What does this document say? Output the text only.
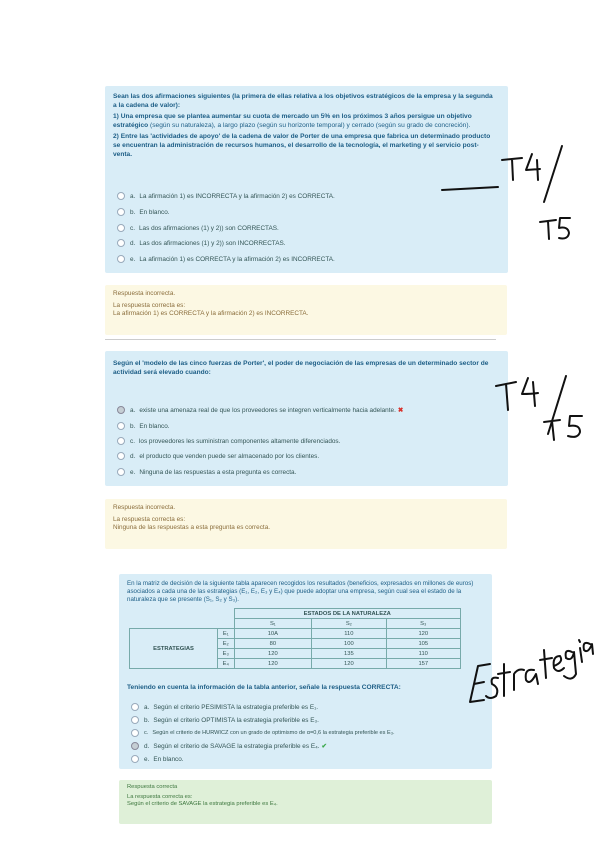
Sean las dos afirmaciones siguientes (la primera de ellas relativa a los objetivos estratégicos de la empresa y la segunda a la cadena de valor):
1) Una empresa que se plantea aumentar su cuota de mercado un 5% en los próximos 3 años persigue un objetivo estratégico (según su naturaleza), a largo plazo (según su horizonte temporal) y cerrado (según su grado de concreción).
2) Entre las 'actividades de apoyo' de la cadena de valor de Porter de una empresa que fabrica un determinado producto se encuentran la administración de recursos humanos, el desarrollo de la tecnología, el marketing y el servicio post-venta.
a. La afirmación 1) es INCORRECTA y la afirmación 2) es CORRECTA.
b. En blanco.
c. Las dos afirmaciones (1) y 2)) son CORRECTAS.
d. Las dos afirmaciones (1) y 2)) son INCORRECTAS.
e. La afirmación 1) es CORRECTA y la afirmación 2) es INCORRECTA.
Respuesta incorrecta.
La respuesta correcta es:
La afirmación 1) es CORRECTA y la afirmación 2) es INCORRECTA.
Según el 'modelo de las cinco fuerzas de Porter', el poder de negociación de las empresas de un determinado sector de actividad será elevado cuando:
a. existe una amenaza real de que los proveedores se integren verticalmente hacia adelante. ✖
b. En blanco.
c. los proveedores les suministran componentes altamente diferenciados.
d. el producto que venden puede ser almacenado por los clientes.
e. Ninguna de las respuestas a esta pregunta es correcta.
Respuesta incorrecta.
La respuesta correcta es:
Ninguna de las respuestas a esta pregunta es correcta.
En la matriz de decisión de la siguiente tabla aparecen recogidos los resultados (beneficios, expresados en millones de euros) asociados a cada una de las estrategias (E₁, E₂, E₃ y E₄) que puede adoptar una empresa, según cual sea el estado de la naturaleza que se presente (S₁, S₂ y S₃).
		ESTADOS DE LA NATURALEZA		
		S₁	S₂	S₃
ESTRATEGIAS	E₁	10A	110	120
	E₂	80	100	105
	E₃	120	135	110
	E₄	120	120	157
Teniendo en cuenta la información de la tabla anterior, señale la respuesta CORRECTA:
a. Según el criterio PESIMISTA la estrategia preferible es E₁.
b. Según el criterio OPTIMISTA la estrategia preferible es E₃.
c. Según el criterio de HURWICZ con un grado de optimismo de α=0,6 la estrategia preferible es E₃.
d. Según el criterio de SAVAGE la estrategia preferible es E₄. ✔
e. En blanco.
Respuesta correcta
La respuesta correcta es:
Según el criterio de SAVAGE la estrategia preferible es E₄.
